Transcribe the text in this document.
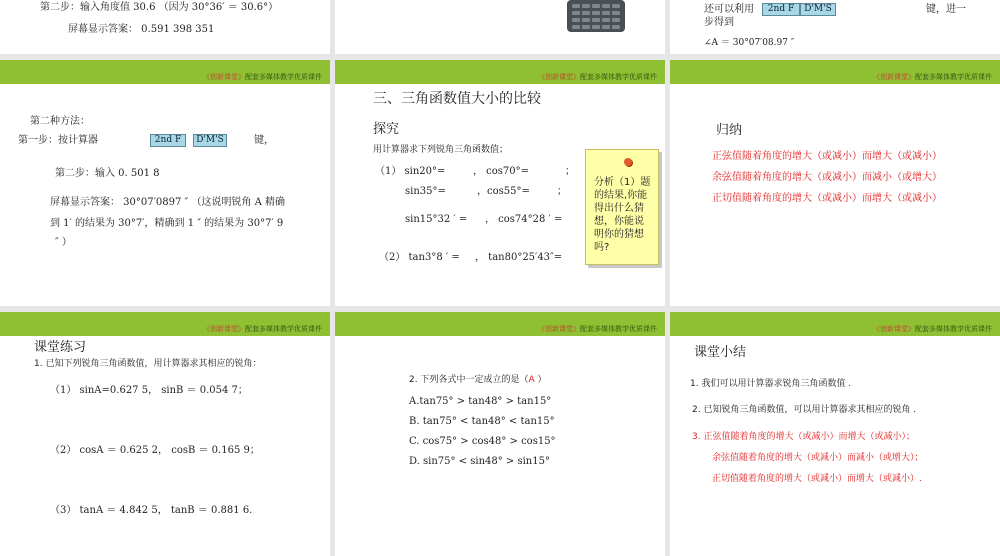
第二步：输入角度值 30.6 （因为 30°36′ ＝ 30.6°）
屏幕显示答案： 0.591 398 351
还可以利用	2nd F	D'M'S	键，进一
步得到
∠A ＝ 30°07′08.97 ″
《创新课堂》配套多媒体教学优质课件
第二种方法：
第一步：按计算器	2nd F	D'M'S	键，
第二步：输入 0. 501 8
屏幕显示答案： 30°07′0897 ″ （这说明锐角 A 精确
到 1′ 的结果为 30°7′，精确到 1 ″ 的结果为 30°7′ 9
″ ）
《创新课堂》配套多媒体教学优质课件
三、三角函数值大小的比较
探究
用计算器求下列锐角三角函数值；
（1） sin20°=	， cos70°=	；
sin35°=	，cos55°=	；
sin15°32 ′ = ， cos74°28 ′ =
（2） tan3°8 ′ = ， tan80°25′43″=
分析（1）题的结果,你能得出什么猜想，你能说明你的猜想吗?
《创新课堂》配套多媒体教学优质课件
归纳
正弦值随着角度的增大（或减小）而增大（或减小）
余弦值随着角度的增大（或减小）而减小（或增大）
正切值随着角度的增大（或减小）而增大（或减小）
《创新课堂》配套多媒体教学优质课件
课堂练习
1. 已知下列锐角三角函数值，用计算器求其相应的锐角：
（1） sinA=0.627 5， sinB ＝ 0.054 7；
（2） cosA ＝ 0.625 2， cosB ＝ 0.165 9；
（3） tanA ＝ 4.842 5， tanB ＝ 0.881 6.
《创新课堂》配套多媒体教学优质课件
2. 下列各式中一定成立的是（A ）
A.tan75° > tan48° > tan15°
B. tan75° < tan48° < tan15°
C. cos75° > cos48° > cos15°
D. sin75° < sin48° > sin15°
《创新课堂》配套多媒体教学优质课件
课堂小结
1. 我们可以用计算器求锐角三角函数值 .
2. 已知锐角三角函数值，可以用计算器求其相应的锐角 .
3. 正弦值随着角度的增大（或减小）而增大（或减小）；
余弦值随着角度的增大（或减小）而减小（或增大）；
正切值随着角度的增大（或减小）而增大（或减小）.
